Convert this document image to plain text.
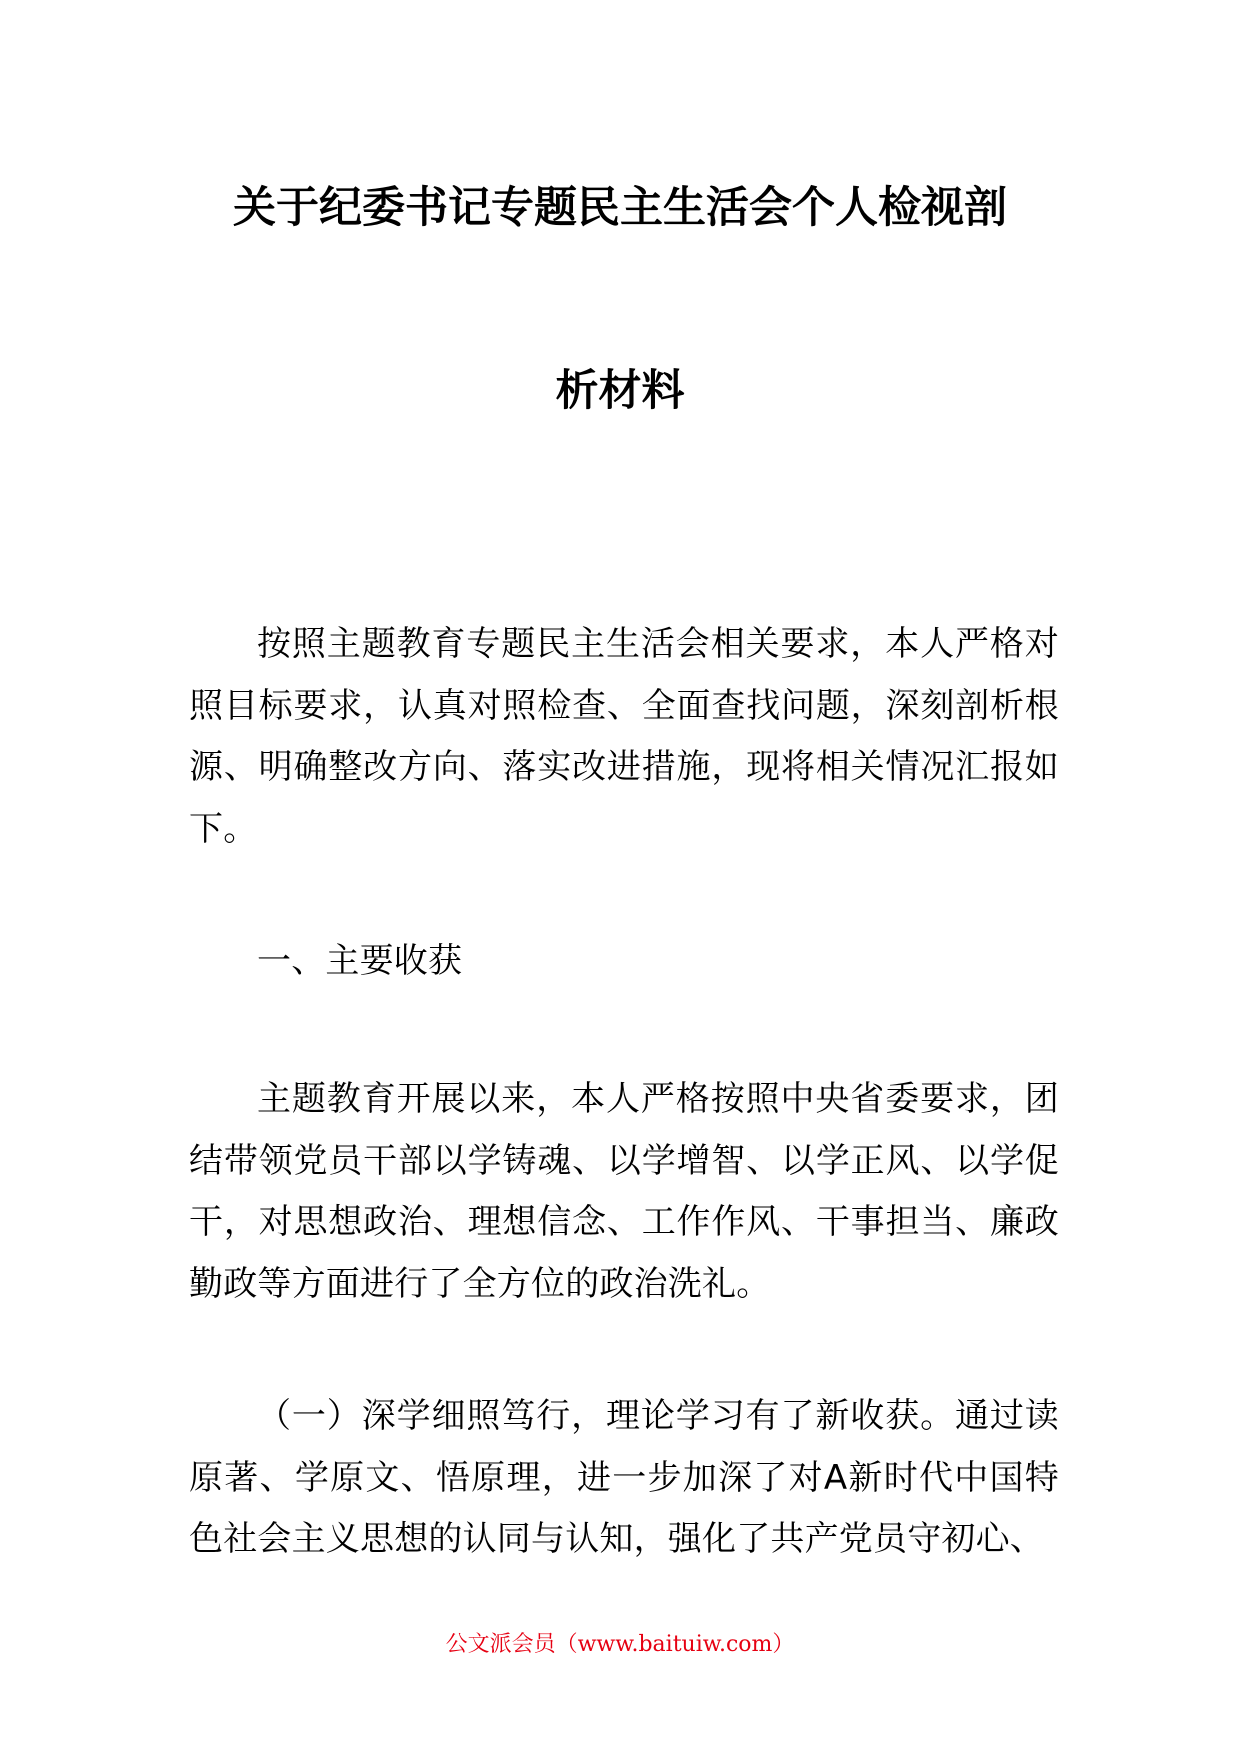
关于纪委书记专题民主生活会个人检视剖
析材料

按照主题教育专题民主生活会相关要求，本人严格对照目标要求，认真对照检查、全面查找问题，深刻剖析根源、明确整改方向、落实改进措施，现将相关情况汇报如下。

一、主要收获

主题教育开展以来，本人严格按照中央省委要求，团结带领党员干部以学铸魂、以学增智、以学正风、以学促干，对思想政治、理想信念、工作作风、干事担当、廉政勤政等方面进行了全方位的政治洗礼。

（一）深学细照笃行，理论学习有了新收获。通过读原著、学原文、悟原理，进一步加深了对A新时代中国特色社会主义思想的认同与认知，强化了共产党员守初心、

公文派会员（www.baituiw.com）
